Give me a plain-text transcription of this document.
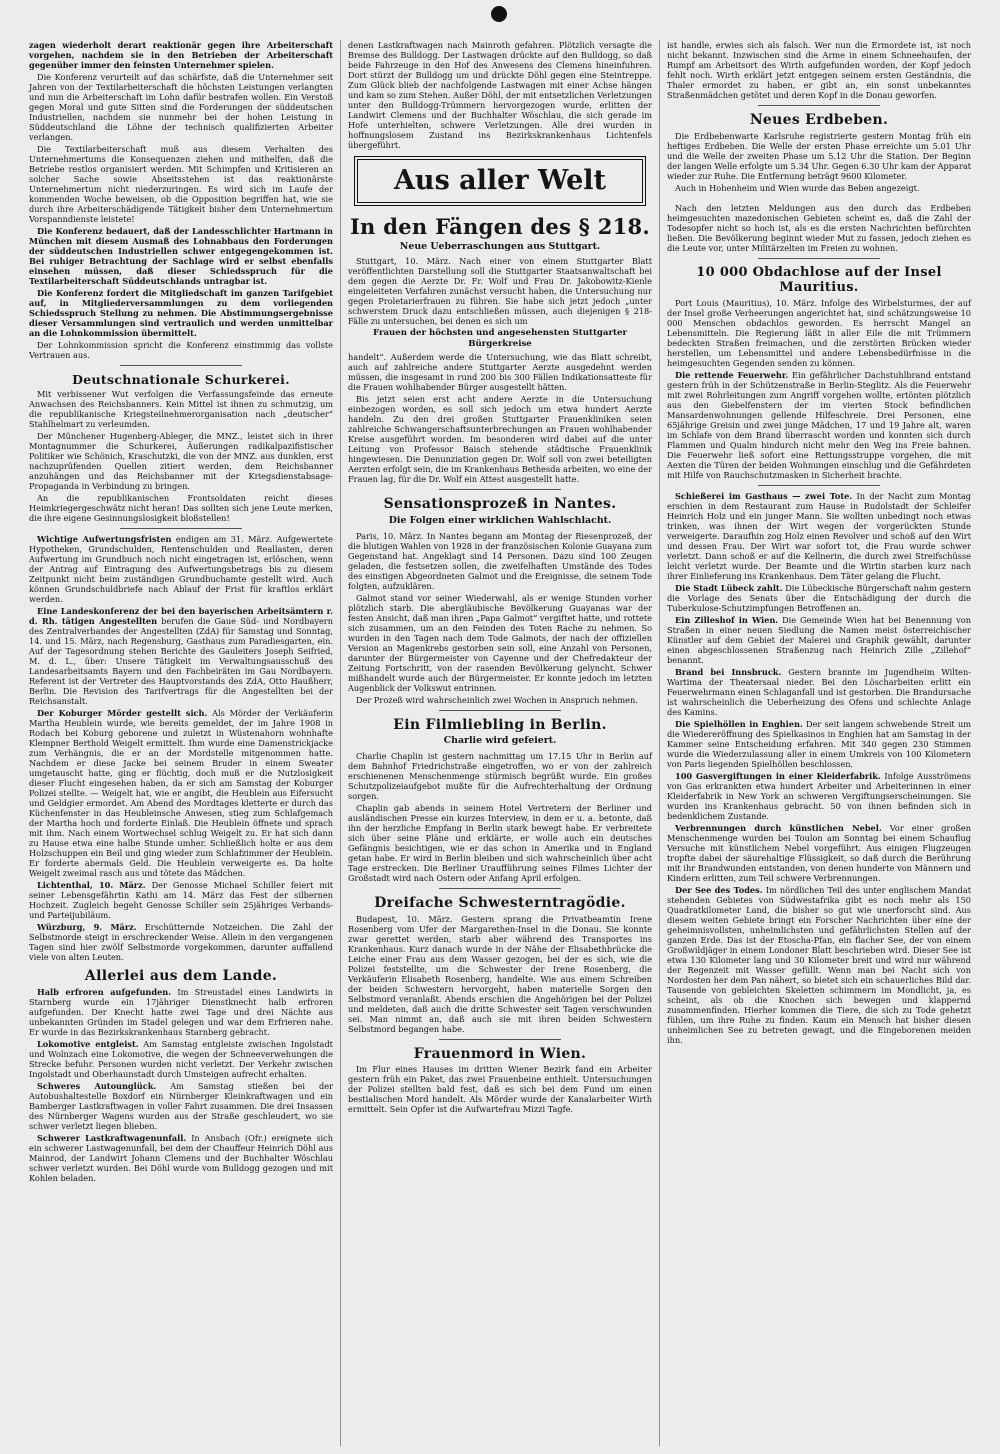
zagen wiederholt derart reaktionär gegen ihre Arbeiterschaft vorgehen, nachdem sie in den Betrieben der Arbeiterschaft gegenüber immer den feinsten Unternehmer spielen.

Die Konferenz verurteilt auf das schärfste, daß die Unternehmer seit Jahren von der Textilarbeiterschaft die höchsten Leistungen verlangten und nun die Arbeiterschaft im Lohn dafür bestrafen wollen. Ein Verstoß gegen Moral und gute Sitten sind die Forderungen der süddeutschen Industriellen, nachdem sie nunmehr bei der hohen Leistung in Süddeutschland die Löhne der technisch qualifizierten Arbeiter verlangen.

Die Textilarbeiterschaft muß aus diesem Verhalten des Unternehmertums die Konsequenzen ziehen und mithelfen, daß die Betriebe restlos organisiert werden. Mit Schimpfen und Kritisieren an solcher Sache sowie Abseitsstehen ist das reaktionärste Unternehmertum nicht niederzuringen. Es wird sich im Laufe der kommenden Woche beweisen, ob die Opposition begriffen hat, wie sie durch ihre Arbeiterschädigende Tätigkeit bisher dem Unternehmertum Vorspanndienste leistete!

Die Konferenz bedauert, daß der Landesschlichter Hartmann in München mit diesem Ausmaß des Lohnabbaus den Forderungen der süddeutschen Industriellen schwer entgegengekommen ist. Bei ruhiger Betrachtung der Sachlage wird er selbst ebenfalls einsehen müssen, daß dieser Schiedsspruch für die Textilarbeiterschaft Süddeutschlands untragbar ist.

Die Konferenz fordert die Mitgliedschaft im ganzen Tarifgebiet auf, in Mitgliederversammlungen zu dem vorliegenden Schiedsspruch Stellung zu nehmen. Die Abstimmungsergebnisse dieser Versammlungen sind vertraulich und werden unmittelbar an die Lohnkommission übermittelt.

Der Lohnkommission spricht die Konferenz einstimmig das vollste Vertrauen aus.

Deutschnationale Schurkerei.

Mit verbissener Wut verfolgen die Verfassungsfeinde das erneute Anwachsen des Reichsbanners. Kein Mittel ist ihnen zu schmutzig, um die republikanische Kriegsteilnehmerorganisation nach „deutscher“ Stahlhelmart zu verleumden.

Der Münchener Hugenberg-Ableger, die MNZ., leistet sich in ihrer Montagnummer die Schurkerei, Äußerungen radikalpazifistischer Politiker wie Schönich, Kraschutzki, die von der MNZ. aus dunklen, erst nachzuprüfenden Quellen zitiert werden, dem Reichsbanner anzuhängen und das Reichsbanner mit der Kriegsdienstabsage-Propaganda in Verbindung zu bringen.

An die republikanischen Frontsoldaten reicht dieses Heimkriegergeschwätz nicht heran! Das sollten sich jene Leute merken, die ihre eigene Gesinnungslosigkeit bloßstellen!

Wichtige Aufwertungsfristen endigen am 31. März. Aufgewertete Hypotheken, Grundschulden, Rentenschulden und Reallasten, deren Aufwertung im Grundbuch noch nicht eingetragen ist, erlöschen, wenn der Antrag auf Eintragung des Aufwertungsbetrags bis zu diesem Zeitpunkt nicht beim zuständigen Grundbuchamte gestellt wird. Auch können Grundschuldbriefe nach Ablauf der Frist für kraftlos erklärt werden.

Eine Landeskonferenz der bei den bayerischen Arbeitsämtern r. d. Rh. tätigen Angestellten berufen die Gaue Süd- und Nordbayern des Zentralverbandes der Angestellten (ZdA) für Samstag und Sonntag, 14. und 15. März, nach Regensburg, Gasthaus zum Paradiesgarten, ein. Auf der Tagesordnung stehen Berichte des Gauleiters Joseph Seifried, M. d. L., über: Unsere Tätigkeit im Verwaltungsausschuß des Landesarbeitsamts Bayern und den Fachbeiräten im Gau Nordbayern. Referent ist der Vertreter des Hauptvorstands des ZdA, Otto Haußherr, Berlin. Die Revision des Tarifvertrags für die Angestellten bei der Reichsanstalt.

Der Koburger Mörder gestellt sich. Als Mörder der Verkäuferin Martha Heublein wurde, wie bereits gemeldet, der im Jahre 1908 in Rodach bei Koburg geborene und zuletzt in Wüstenahorn wohnhafte Klempner Berthold Weigelt ermittelt. Ihm wurde eine Damenstrickjacke zum Verhängnis, die er an der Mordstelle mitgenommen hatte. Nachdem er diese Jacke bei seinem Bruder in einem Sweater umgetauscht hatte, ging er flüchtig, doch muß er die Nutzlosigkeit dieser Flucht eingesehen haben, da er sich am Samstag der Koburger Polizei stellte. — Weigelt hat, wie er angibt, die Heublein aus Eifersucht und Geldgier ermordet. Am Abend des Mordtages kletterte er durch das Küchenfenster in das Heubleinsche Anwesen, stieg zum Schlafgemach der Martha hoch und forderte Einlaß. Die Heublein öffnete und sprach mit ihm. Nach einem Wortwechsel schlug Weigelt zu. Er hat sich dann zu Hause etwa eine halbe Stunde umher. Schließlich holte er aus dem Holzschuppen ein Beil und ging wieder zum Schlafzimmer der Heublein. Er forderte abermals Geld. Die Heublein verweigerte es. Da holte Weigelt zweimal rasch aus und tötete das Mädchen.

Lichtenthal, 10. März. Der Genosse Michael Schiller feiert mit seiner Lebensgefährtin Kathi am 14. März das Fest der silbernen Hochzeit. Zugleich begeht Genosse Schiller sein 25jähriges Verbands- und Parteijubiläum.

Würzburg, 9. März. Erschütternde Notzeichen. Die Zahl der Selbstmorde steigt in erschreckender Weise. Allein in den vergangenen Tagen sind hier zwölf Selbstmorde vorgekommen, darunter auffallend viele von alten Leuten.

Allerlei aus dem Lande.

Halb erfroren aufgefunden. Im Streustadel eines Landwirts in Starnberg wurde ein 17jähriger Dienstknecht halb erfroren aufgefunden. Der Knecht hatte zwei Tage und drei Nächte aus unbekannten Gründen im Stadel gelegen und war dem Erfrieren nahe. Er wurde in das Bezirkskrankenhaus Starnberg gebracht.

Lokomotive entgleist. Am Samstag entgleiste zwischen Ingolstadt und Wolnzach eine Lokomotive, die wegen der Schneeverwehungen die Strecke befuhr. Personen wurden nicht verletzt. Der Verkehr zwischen Ingolstadt und Oberhaunstadt durch Umsteigen aufrecht erhalten.

Schweres Autounglück. Am Samstag stießen bei der Autobushaltestelle Boxdorf ein Nürnberger Kleinkraftwagen und ein Bamberger Lastkraftwagen in voller Fahrt zusammen. Die drei Insassen des Nürnberger Wagens wurden aus der Straße geschleudert, wo sie schwer verletzt liegen blieben.

Schwerer Lastkraftwagenunfall. In Ansbach (Ofr.) ereignete sich ein schwerer Lastwagenunfall, bei dem der Chauffeur Heinrich Döhl aus Mainrod, der Landwirt Johann Clemens und der Buchhalter Wöschlau schwer verletzt wurden. Bei Döhl wurde vom Bulldogg gezogen und mit Kohlen beladen.

denen Lastkraftwagen nach Mainroth gefahren. Plötzlich versagte die Bremse des Bulldogg. Der Lastwagen drückte auf den Bulldogg, so daß beide Fahrzeuge in den Hof des Anwesens des Clemens hineinfuhren. Dort stürzt der Bulldogg um und drückte Döhl gegen eine Steintreppe. Zum Glück blieb der nachfolgende Lastwagen mit einer Achse hängen und kam so zum Stehen. Außer Döhl, der mit entsetzlichen Verletzungen unter den Bulldogg-Trümmern hervorgezogen wurde, erlitten der Landwirt Clemens und der Buchhalter Wöschlau, die sich gerade im Hofe unterhielten, schwere Verletzungen. Alle drei wurden in hoffnungslosem Zustand ins Bezirkskrankenhaus Lichtenfels übergeführt.

Aus aller Welt
In den Fängen des § 218.
Neue Ueberraschungen aus Stuttgart.

Stuttgart, 10. März. Nach einer von einem Stuttgarter Blatt veröffentlichten Darstellung soll die Stuttgarter Staatsanwaltschaft bei dem gegen die Aerzte Dr. Fr. Wolf und Frau Dr. Jakobowitz-Kienle eingeleiteten Verfahren zunächst versucht haben, die Untersuchung nur gegen Proletarierfrauen zu führen. Sie habe sich jetzt jedoch „unter schwerstem Druck dazu entschließen müssen, auch diejenigen § 218-Fälle zu untersuchen, bei denen es sich um

Frauen der höchsten und angesehensten Stuttgarter Bürgerkreise

handelt“. Außerdem werde die Untersuchung, wie das Blatt schreibt, auch auf zahlreiche andere Stuttgarter Aerzte ausgedehnt werden müssen, die insgesamt in rund 200 bis 300 Fällen Indikationsatteste für die Frauen wohlhabender Bürger ausgestellt hätten.

Bis jetzt seien erst acht andere Aerzte in die Untersuchung einbezogen worden, es soll sich jedoch um etwa hundert Aerzte handeln. Zu den drei großen Stuttgarter Frauenkliniken seien zahlreiche Schwangerschaftsunterbrechungen an Frauen wohlhabender Kreise ausgeführt worden. Im besonderen wird dabei auf die unter Leitung von Professor Baisch stehende städtische Frauenklinik hingewiesen. Die Denunziation gegen Dr. Wolf soll von zwei beteiligten Aerzten erfolgt sein, die im Krankenhaus Bethesda arbeiten, wo eine der Frauen lag, für die Dr. Wolf ein Attest ausgestellt hatte.

Sensationsprozeß in Nantes.
Die Folgen einer wirklichen Wahlschlacht.

Paris, 10. März. In Nantes begann am Montag der Riesenprozeß, der die blutigen Wahlen von 1928 in der französischen Kolonie Guayana zum Gegenstand hat. Angeklagt sind 14 Personen. Dazu sind 100 Zeugen geladen, die festsetzen sollen, die zweifelhaften Umstände des Todes des einstigen Abgeordneten Galmot und die Ereignisse, die seinem Tode folgten, aufzuklären.

Galmot stand vor seiner Wiederwahl, als er wenige Stunden vorher plötzlich starb. Die abergläubische Bevölkerung Guayanas war der festen Ansicht, daß man ihren „Papa Galmot“ vergiftet hatte, und rottete sich zusammen, um an den Feinden des Toten Rache zu nehmen. So wurden in den Tagen nach dem Tode Galmots, der nach der offiziellen Version an Magenkrebs gestorben sein soll, eine Anzahl von Personen, darunter der Bürgermeister von Cayenne und der Chefredakteur der Zeitung Fortschritt, von der rasenden Bevölkerung gelyncht. Schwer mißhandelt wurde auch der Bürgermeister. Er konnte jedoch im letzten Augenblick der Volkswut entrinnen.

Der Prozeß wird wahrscheinlich zwei Wochen in Anspruch nehmen.

Ein Filmliebling in Berlin.
Charlie wird gefeiert.

Charlie Chaplin ist gestern nachmittag um 17.15 Uhr in Berlin auf dem Bahnhof Friedrichstraße eingetroffen, wo er von der zahlreich erschienenen Menschenmenge stürmisch begrüßt wurde. Ein großes Schutzpolizeiaufgebot mußte für die Aufrechterhaltung der Ordnung sorgen.

Chaplin gab abends in seinem Hotel Vertretern der Berliner und ausländischen Presse ein kurzes Interview, in dem er u. a. betonte, daß ihn der herzliche Empfang in Berlin stark bewegt habe. Er verbreitete sich über seine Pläne und erklärte, er wolle auch ein deutsches Gefängnis besichtigen, wie er das schon in Amerika und in England getan habe. Er wird in Berlin bleiben und sich wahrscheinlich über acht Tage erstrecken. Die Berliner Uraufführung seines Filmes Lichter der Großstadt wird nach Ostern oder Anfang April erfolgen.

Dreifache Schwesterntragödie.

Budapest, 10. März. Gestern sprang die Privatbeamtin Irene Rosenberg vom Ufer der Margarethen-Insel in die Donau. Sie konnte zwar gerettet werden, starb aber während des Transportes ins Krankenhaus. Kurz danach wurde in der Nähe der Elisabethbrücke die Leiche einer Frau aus dem Wasser gezogen, bei der es sich, wie die Polizei feststellte, um die Schwester der Irene Rosenberg, die Verkäuferin Elisabeth Rosenberg, handelte. Wie aus einem Schreiben der beiden Schwestern hervorgeht, haben materielle Sorgen den Selbstmord veranlaßt. Abends erschien die Angehörigen bei der Polizei und meldeten, daß auch die dritte Schwester seit Tagen verschwunden sei. Man nimmt an, daß auch sie mit ihren beiden Schwestern Selbstmord begangen habe.

Frauenmord in Wien.

Im Flur eines Hauses im dritten Wiener Bezirk fand ein Arbeiter gestern früh ein Paket, das zwei Frauenbeine enthielt. Untersuchungen der Polizei stellten bald fest, daß es sich bei dem Fund um einen bestialischen Mord handelt. Als Mörder wurde der Kanalarbeiter Wirth ermittelt. Sein Opfer ist die Aufwartefrau Mizzi Tagfe.

ist handle, erwies sich als falsch. Wer nun die Ermordete ist, ist noch nicht bekannt. Inzwischen sind die Arme in einem Schneehaufen, der Rumpf am Arbeitsort des Wirth aufgefunden worden, der Kopf jedoch fehlt noch. Wirth erklärt jetzt entgegen seinem ersten Geständnis, die Thaler ermordet zu haben, er gibt an, ein sonst unbekanntes Straßenmädchen getötet und deren Kopf in die Donau geworfen.

Neues Erdbeben.

Die Erdbebenwarte Karlsruhe registrierte gestern Montag früh ein heftiges Erdbeben. Die Welle der ersten Phase erreichte um 5.01 Uhr und die Welle der zweiten Phase um 5.12 Uhr die Station. Der Beginn der langen Welle erfolgte um 5.34 Uhr. Gegen 6.30 Uhr kam der Apparat wieder zur Ruhe. Die Entfernung beträgt 9600 Kilometer.

Auch in Hohenheim und Wien wurde das Beben angezeigt.

Nach den letzten Meldungen aus den durch das Erdbeben heimgesuchten mazedonischen Gebieten scheint es, daß die Zahl der Todesopfer nicht so hoch ist, als es die ersten Nachrichten befürchten ließen. Die Bevölkerung beginnt wieder Mut zu fassen, jedoch ziehen es die Leute vor, unter Militärzelten im Freien zu wohnen.

10 000 Obdachlose auf der Insel Mauritius.

Port Louis (Mauritius), 10. März. Infolge des Wirbelsturmes, der auf der Insel große Verheerungen angerichtet hat, sind schätzungsweise 10 000 Menschen obdachlos geworden. Es herrscht Mangel an Lebensmitteln. Die Regierung läßt in aller Eile die mit Trümmern bedeckten Straßen freimachen, und die zerstörten Brücken wieder herstellen, um Lebensmittel und andere Lebensbedürfnisse in die heimgesuchten Gegenden senden zu können.

Die rettende Feuerwehr. Ein gefährlicher Dachstuhlbrand entstand gestern früh in der Schützenstraße in Berlin-Steglitz. Als die Feuerwehr mit zwei Rohrleitungen zum Angriff vorgehen wollte, ertönten plötzlich aus den Giebelfenstern der im vierten Stock befindlichen Mansardenwohnungen gellende Hilfeschreie. Drei Personen, eine 65jährige Greisin und zwei junge Mädchen, 17 und 19 Jahre alt, waren im Schlafe von dem Brand überrascht worden und konnten sich durch Flammen und Qualm hindurch nicht mehr den Weg ins Freie bahnen. Die Feuerwehr ließ sofort eine Rettungsstruppe vorgehen, die mit Aexten die Türen der beiden Wohnungen einschlug und die Gefährdeten mit Hilfe von Rauchschutzmasken in Sicherheit brachte.

Schießerei im Gasthaus — zwei Tote. In der Nacht zum Montag erschien in dem Restaurant zum Hause in Rudolstadt der Schleifer Heinrich Holz und ein junger Mann. Sie wollten unbedingt noch etwas trinken, was ihnen der Wirt wegen der vorgerückten Stunde verweigerte. Daraufhin zog Holz einen Revolver und schoß auf den Wirt und dessen Frau. Der Wirt war sofort tot, die Frau wurde schwer verletzt. Dann schoß er auf die Kellnerin, die durch zwei Streifschüsse leicht verletzt wurde. Der Beamte und die Wirtin starben kurz nach ihrer Einlieferung ins Krankenhaus. Dem Täter gelang die Flucht.

Die Stadt Lübeck zahlt. Die Lübeckische Bürgerschaft nahm gestern die Vorlage des Senats über die Entschädigung der durch die Tuberkulose-Schutzimpfungen Betroffenen an.

Ein Zilleshof in Wien. Die Gemeinde Wien hat bei Benennung von Straßen in einer neuen Siedlung die Namen meist österreichischer Künstler auf dem Gebiet der Malerei und Graphik gewählt, darunter einen abgeschlossenen Straßenzug nach Heinrich Zille „Zillehof“ benannt.

Brand bei Innsbruck. Gestern brannte im Jugendheim Wilten-Wartima der Theatersaal nieder. Bei den Löscharbeiten erlitt ein Feuerwehrmann einen Schlaganfall und ist gestorben. Die Brandursache ist wahrscheinlich die Ueberheizung des Ofens und schlechte Anlage des Kamins.

Die Spielhöllen in Enghien. Der seit langem schwebende Streit um die Wiedereröffnung des Spielkasinos in Enghien hat am Samstag in der Kammer seine Entscheidung erfahren. Mit 340 gegen 230 Stimmen wurde die Wiederzulassung aller in einem Umkreis von 100 Kilometern von Paris liegenden Spielhöllen beschlossen.

100 Gasvergiftungen in einer Kleiderfabrik. Infolge Ausströmens von Gas erkrankten etwa hundert Arbeiter und Arbeiterinnen in einer Kleiderfabrik in New York an schweren Vergiftungserscheinungen. Sie wurden ins Krankenhaus gebracht. 50 von ihnen befinden sich in bedenklichem Zustande.

Verbrennungen durch künstlichen Nebel. Vor einer großen Menschenmenge wurden bei Toulon am Sonntag bei einem Schauflug Versuche mit künstlichem Nebel vorgeführt. Aus einigen Flugzeugen tropfte dabei der säurehaltige Flüssigkeit, so daß durch die Berührung mit ihr Brandwunden entstanden, von denen hunderte von Männern und Kindern erlitten, zum Teil schwere Verbrennungen.

Der See des Todes. Im nördlichen Teil des unter englischem Mandat stehenden Gebietes von Südwestafrika gibt es noch mehr als 150 Quadratkilometer Land, die bisher so gut wie unerforscht sind. Aus diesem weiten Gebiete bringt ein Forscher Nachrichten über eine der geheimnisvollsten, unheimlichsten und gefährlichsten Stellen auf der ganzen Erde. Das ist der Etoscha-Pfan, ein flacher See, der von einem Großwildjäger in einem Londoner Blatt beschrieben wird. Dieser See ist etwa 130 Kilometer lang und 30 Kilometer breit und wird nur während der Regenzeit mit Wasser gefüllt. Wenn man bei Nacht sich von Nordosten her dem Pan nähert, so bietet sich ein schauerliches Bild dar. Tausende von gebleichten Skeletten schimmern im Mondlicht, ja, es scheint, als ob die Knochen sich bewegen und klappernd zusammenfinden. Hierher kommen die Tiere, die sich zu Tode gehetzt fühlen, um ihre Ruhe zu finden. Kaum ein Mensch hat bisher diesen unheimlichen See zu betreten gewagt, und die Eingeborenen meiden ihn.
